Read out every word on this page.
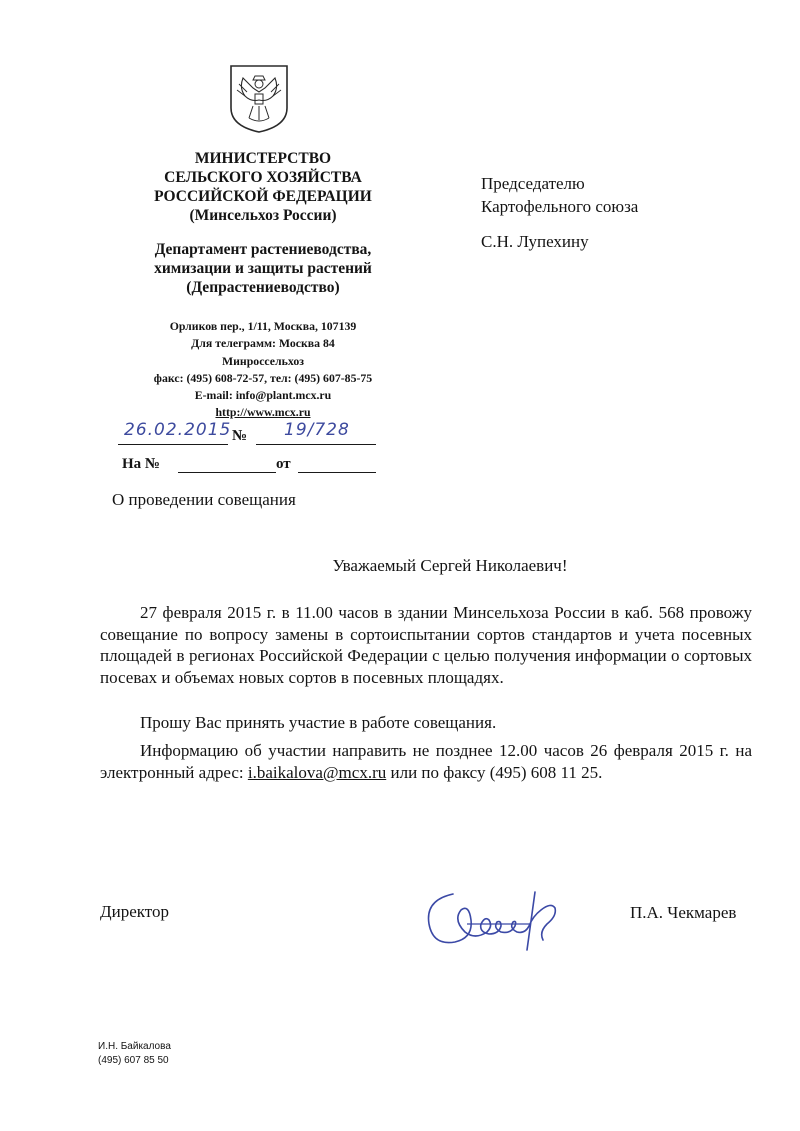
МИНИСТЕРСТВО
СЕЛЬСКОГО ХОЗЯЙСТВА
РОССИЙСКОЙ ФЕДЕРАЦИИ
(Минсельхоз России)
Департамент растениеводства,
химизации и защиты растений
(Депрастениеводство)
Орликов пер., 1/11, Москва, 107139
Для телеграмм: Москва 84
Минроссельхоз
факс: (495) 608-72-57, тел: (495) 607-85-75
E-mail: info@plant.mcx.ru
http://www.mcx.ru
26.02.2015 № 19/728
На №	от
Председателю
Картофельного союза
С.Н. Лупехину
О проведении совещания
Уважаемый Сергей Николаевич!

27 февраля 2015 г. в 11.00 часов в здании Минсельхоза России в каб. 568 провожу совещание по вопросу замены в сортоиспытании сортов стандартов и учета посевных площадей в регионах Российской Федерации с целью получения информации о сортовых посевах и объемах новых сортов в посевных площадях.

Прошу Вас принять участие в работе совещания.

Информацию об участии направить не позднее 12.00 часов 26 февраля 2015 г. на электронный адрес: i.baikalova@mcx.ru или по факсу (495) 608 11 25.

Директор	П.А. Чекмарев
И.Н. Байкалова
(495) 607 85 50
